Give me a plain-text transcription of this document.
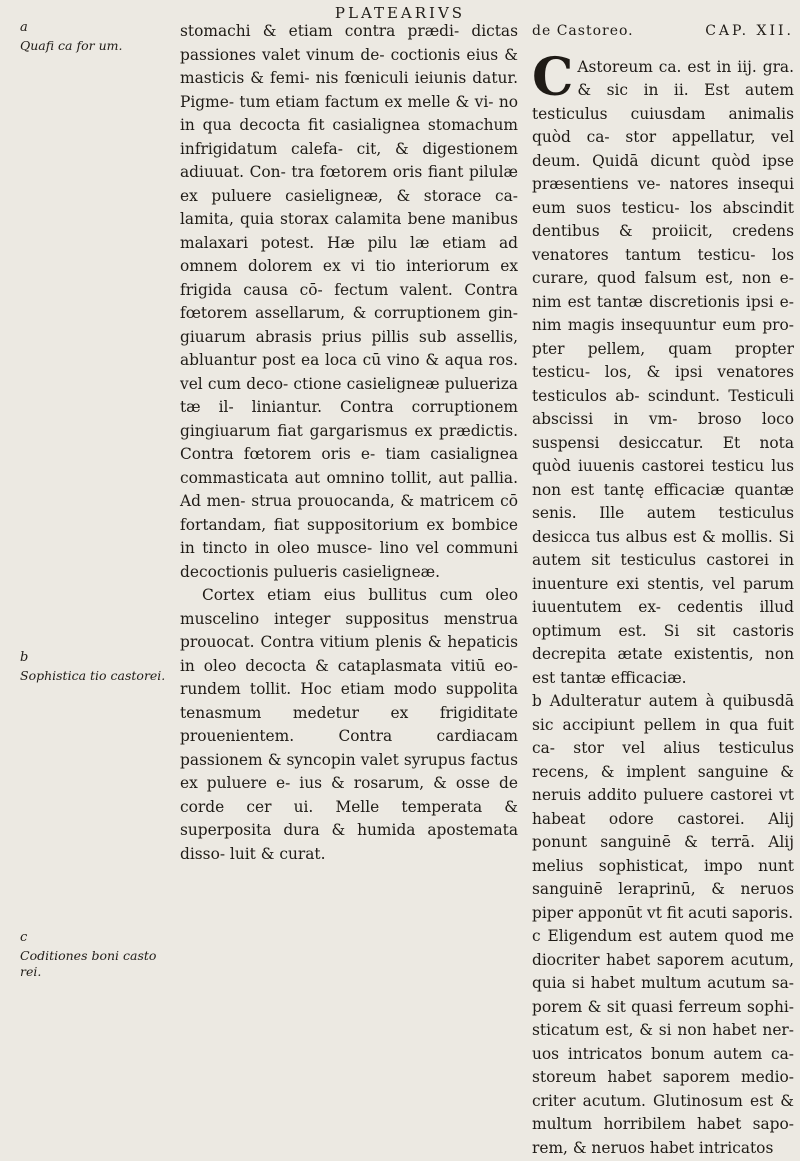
PLATEARIVS
a
Quafi ca for um.
b
Sophistica tio castorei.
c
Coditiones boni casto rei.

stomachi & etiam contra prædi- dictas passiones valet vinum de- coctionis eius & masticis & femi- nis fœniculi ieiunis datur. Pigme- tum etiam factum ex melle & vi- no in qua decocta fit casialignea stomachum infrigidatum calefa- cit, & digestionem adiuuat. Con- tra fœtorem oris fiant pilulæ ex puluere casieligneæ, & storace ca- lamita, quia storax calamita bene manibus malaxari potest. Hæ pilu læ etiam ad omnem dolorem ex vi tio interiorum ex frigida causa cō- fectum valent. Contra fœtorem assellarum, & corruptionem gin- giuarum abrasis prius pillis sub assellis, abluantur post ea loca cū vino & aqua ros. vel cum deco- ctione casieligneæ pulueriza tæ il- liniantur. Contra corruptionem gingiuarum fiat gargarismus ex prædictis. Contra fœtorem oris e- tiam casialignea commasticata aut omnino tollit, aut pallia. Ad men- strua prouocanda, & matricem cō fortandam, fiat suppositorium ex bombice in tincto in oleo musce- lino vel communi decoctionis pulueris casieligneæ.

Cortex etiam eius bullitus cum oleo muscelino integer suppositus menstrua prouocat. Contra vitium plenis & hepaticis in oleo decocta & cataplasmata vitiū eo- rundem tollit. Hoc etiam modo suppolita tenasmum medetur ex frigiditate prouenientem. Contra cardiacam passionem & syncopin valet syrupus factus ex puluere e- ius & rosarum, & osse de corde cer ui. Melle temperata & superposita dura & humida apostemata disso- luit & curat.

de Castoreo.	CAP. XII.

C Astoreum ca. est in iij. gra. & sic in ii. Est autem testiculus cuiusdam animalis quòd ca- stor appellatur, vel deum. Quidā dicunt quòd ipse præsentiens ve- natores insequi eum suos testicu- los abscindit dentibus & proiicit, credens venatores tantum testicu- los curare, quod falsum est, non e- nim est tantæ discretionis ipsi e- nim magis insequuntur eum pro- pter pellem, quam propter testicu- los, & ipsi venatores testiculos ab- scindunt. Testiculi abscissi in vm- broso loco suspensi desiccatur. Et nota quòd iuuenis castorei testicu lus non est tantę efficaciæ quantæ senis. Ille autem testiculus desicca tus albus est & mollis. Si autem sit testiculus castorei in inuenture exi stentis, vel parum iuuentutem ex- cedentis illud optimum est. Si sit castoris decrepita ætate existentis, non est tantæ efficaciæ.

b Adulteratur autem à quibusdā sic accipiunt pellem in qua fuit ca- stor vel alius testiculus recens, & implent sanguine & neruis addito puluere castorei vt habeat odore castorei. Alij ponunt sanguinē & terrā. Alij melius sophisticat, impo nunt sanguinē leraprinū, & neruos piper apponūt vt fit acuti saporis.

c Eligendum est autem quod me diocriter habet saporem acutum, quia si habet multum acutum sa- porem & sit quasi ferreum sophi- sticatum est, & si non habet ner- uos intricatos bonum autem ca- storeum habet saporem medio- criter acutum. Glutinosum est & multum horribilem habet sapo- rem, & neruos habet intricatos
